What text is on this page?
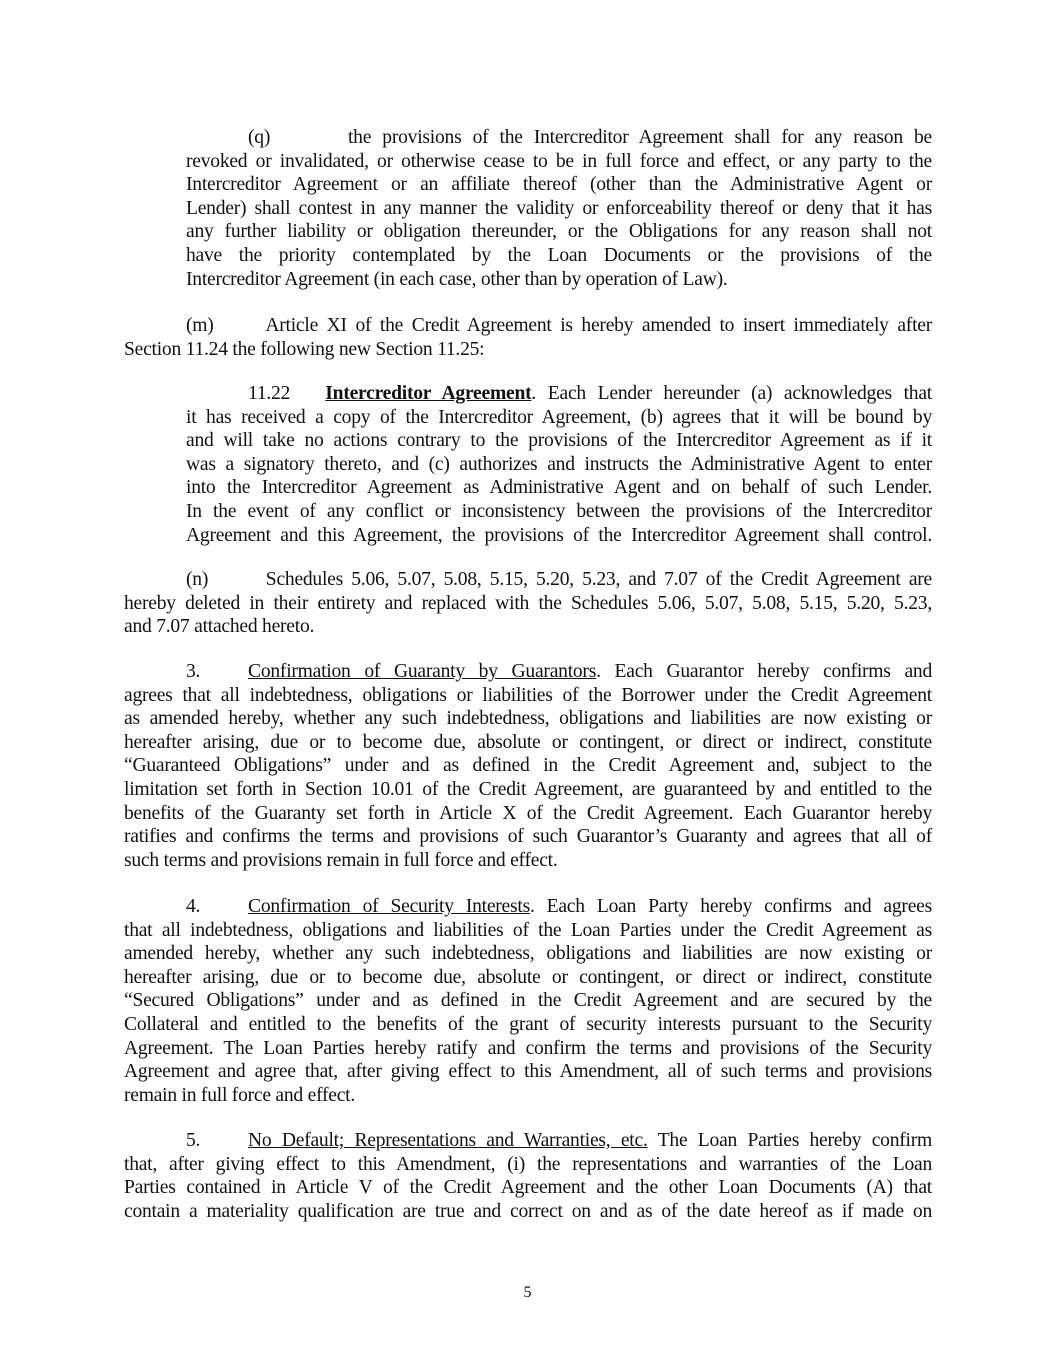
(q)       the provisions of the Intercreditor Agreement shall for any reason be
revoked or invalidated, or otherwise cease to be in full force and effect, or any party to the
Intercreditor Agreement or an affiliate thereof (other than the Administrative Agent or
Lender) shall contest in any manner the validity or enforceability thereof or deny that it has
any further liability or obligation thereunder, or the Obligations for any reason shall not
have the priority contemplated by the Loan Documents or the provisions of the
Intercreditor Agreement (in each case, other than by operation of Law).
(m)      Article XI of the Credit Agreement is hereby amended to insert immediately after
Section 11.24 the following new Section 11.25:
11.22 Intercreditor Agreement. Each Lender hereunder (a) acknowledges that
it has received a copy of the Intercreditor Agreement, (b) agrees that it will be bound by
and will take no actions contrary to the provisions of the Intercreditor Agreement as if it
was a signatory thereto, and (c) authorizes and instructs the Administrative Agent to enter
into the Intercreditor Agreement as Administrative Agent and on behalf of such Lender.
In the event of any conflict or inconsistency between the provisions of the Intercreditor
Agreement and this Agreement, the provisions of the Intercreditor Agreement shall control.
(n)       Schedules 5.06, 5.07, 5.08, 5.15, 5.20, 5.23, and 7.07 of the Credit Agreement are
hereby deleted in their entirety and replaced with the Schedules 5.06, 5.07, 5.08, 5.15, 5.20, 5.23,
and 7.07 attached hereto.
3. Confirmation of Guaranty by Guarantors. Each Guarantor hereby confirms and
agrees that all indebtedness, obligations or liabilities of the Borrower under the Credit Agreement
as amended hereby, whether any such indebtedness, obligations and liabilities are now existing or
hereafter arising, due or to become due, absolute or contingent, or direct or indirect, constitute
“Guaranteed Obligations” under and as defined in the Credit Agreement and, subject to the
limitation set forth in Section 10.01 of the Credit Agreement, are guaranteed by and entitled to the
benefits of the Guaranty set forth in Article X of the Credit Agreement. Each Guarantor hereby
ratifies and confirms the terms and provisions of such Guarantor’s Guaranty and agrees that all of
such terms and provisions remain in full force and effect.
4. Confirmation of Security Interests. Each Loan Party hereby confirms and agrees
that all indebtedness, obligations and liabilities of the Loan Parties under the Credit Agreement as
amended hereby, whether any such indebtedness, obligations and liabilities are now existing or
hereafter arising, due or to become due, absolute or contingent, or direct or indirect, constitute
“Secured Obligations” under and as defined in the Credit Agreement and are secured by the
Collateral and entitled to the benefits of the grant of security interests pursuant to the Security
Agreement. The Loan Parties hereby ratify and confirm the terms and provisions of the Security
Agreement and agree that, after giving effect to this Amendment, all of such terms and provisions
remain in full force and effect.
5. No Default; Representations and Warranties, etc. The Loan Parties hereby confirm
that, after giving effect to this Amendment, (i) the representations and warranties of the Loan
Parties contained in Article V of the Credit Agreement and the other Loan Documents (A) that
contain a materiality qualification are true and correct on and as of the date hereof as if made on
5
